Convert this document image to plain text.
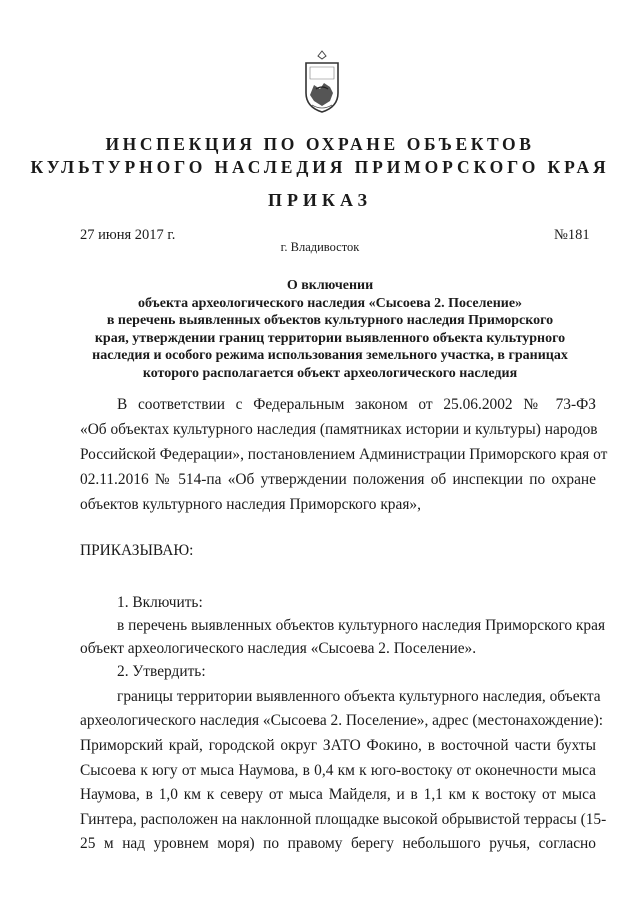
ИНСПЕКЦИЯ ПО ОХРАНЕ ОБЪЕКТОВ
КУЛЬТУРНОГО НАСЛЕДИЯ ПРИМОРСКОГО КРАЯ
ПРИКАЗ
27 июня 2017 г.	№181
г. Владивосток
О включении
объекта археологического наследия «Сысоева 2. Поселение»
в перечень выявленных объектов культурного наследия Приморского
края, утверждении границ территории выявленного объекта культурного
наследия и особого режима использования земельного участка, в границах
которого располагается объект археологического наследия
В соответствии с Федеральным законом от 25.06.2002 № 73-ФЗ
«Об объектах культурного наследия (памятниках истории и культуры) народов
Российской Федерации», постановлением Администрации Приморского края от
02.11.2016 № 514-па «Об утверждении положения об инспекции по охране
объектов культурного наследия Приморского края»,
ПРИКАЗЫВАЮ:
1. Включить:
в перечень выявленных объектов культурного наследия Приморского края
объект археологического наследия «Сысоева 2. Поселение».
2. Утвердить:
границы территории выявленного объекта культурного наследия, объекта
археологического наследия «Сысоева 2. Поселение», адрес (местонахождение):
Приморский край, городской округ ЗАТО Фокино, в восточной части бухты
Сысоева к югу от мыса Наумова, в 0,4 км к юго-востоку от оконечности мыса
Наумова, в 1,0 км к северу от мыса Майделя, и в 1,1 км к востоку от мыса
Гинтера, расположен на наклонной площадке высокой обрывистой террасы (15-
25 м над уровнем моря) по правому берегу небольшого ручья, согласно
